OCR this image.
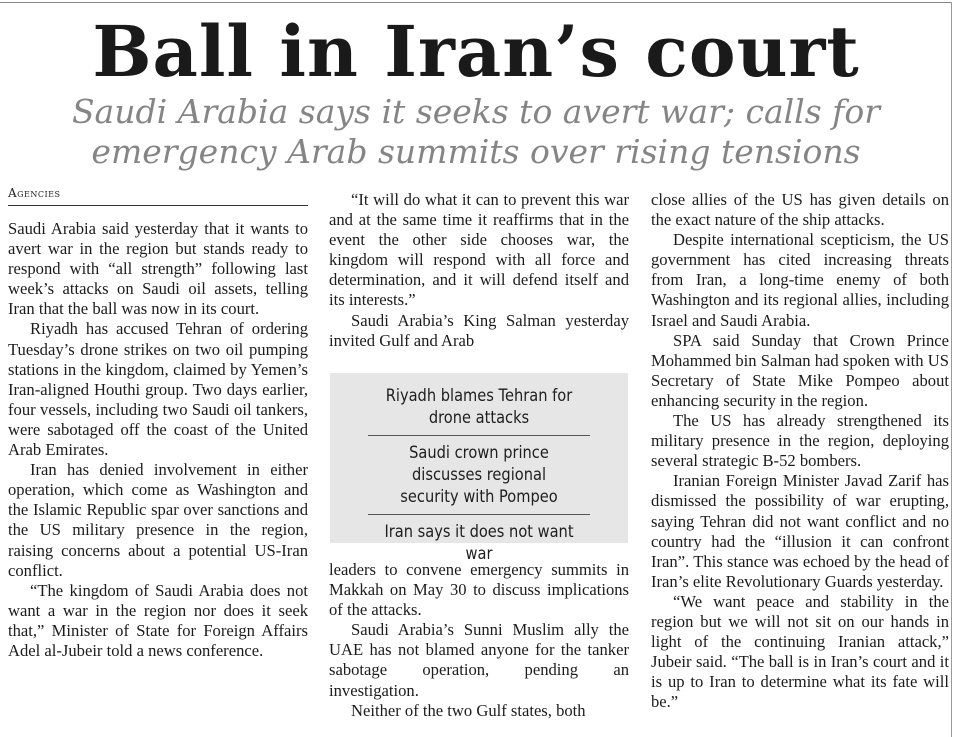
Ball in Iran’s court
Saudi Arabia says it seeks to avert war; calls for
emergency Arab summits over rising tensions
Agencies

Saudi Arabia said yesterday that it wants to avert war in the region but stands ready to respond with “all strength” following last week’s attacks on Saudi oil assets, telling Iran that the ball was now in its court.

Riyadh has accused Tehran of ordering Tuesday’s drone strikes on two oil pumping stations in the kingdom, claimed by Yemen’s Iran-aligned Houthi group. Two days earlier, four vessels, including two Saudi oil tankers, were sabotaged off the coast of the United Arab Emirates.

Iran has denied involvement in either operation, which come as Washington and the Islamic Republic spar over sanctions and the US military presence in the region, raising concerns about a potential US-Iran conflict.

“The kingdom of Saudi Arabia does not want a war in the region nor does it seek that,” Minister of State for Foreign Affairs Adel al-Jubeir told a news conference.

“It will do what it can to prevent this war and at the same time it reaffirms that in the event the other side chooses war, the kingdom will respond with all force and determination, and it will defend itself and its interests.”

Saudi Arabia’s King Salman yesterday invited Gulf and Arab

Riyadh blames Tehran for drone attacks
Saudi crown prince discusses regional security with Pompeo
Iran says it does not want war

leaders to convene emergency summits in Makkah on May 30 to discuss implications of the attacks.

Saudi Arabia’s Sunni Muslim ally the UAE has not blamed anyone for the tanker sabotage operation, pending an investigation.

Neither of the two Gulf states, both

close allies of the US has given details on the exact nature of the ship attacks.

Despite international scepticism, the US government has cited increasing threats from Iran, a long-time enemy of both Washington and its regional allies, including Israel and Saudi Arabia.

SPA said Sunday that Crown Prince Mohammed bin Salman had spoken with US Secretary of State Mike Pompeo about enhancing security in the region.

The US has already strengthened its military presence in the region, deploying several strategic B-52 bombers.

Iranian Foreign Minister Javad Zarif has dismissed the possibility of war erupting, saying Tehran did not want conflict and no country had the “illusion it can confront Iran”. This stance was echoed by the head of Iran’s elite Revolutionary Guards yesterday.

“We want peace and stability in the region but we will not sit on our hands in light of the continuing Iranian attack,” Jubeir said. “The ball is in Iran’s court and it is up to Iran to determine what its fate will be.”
